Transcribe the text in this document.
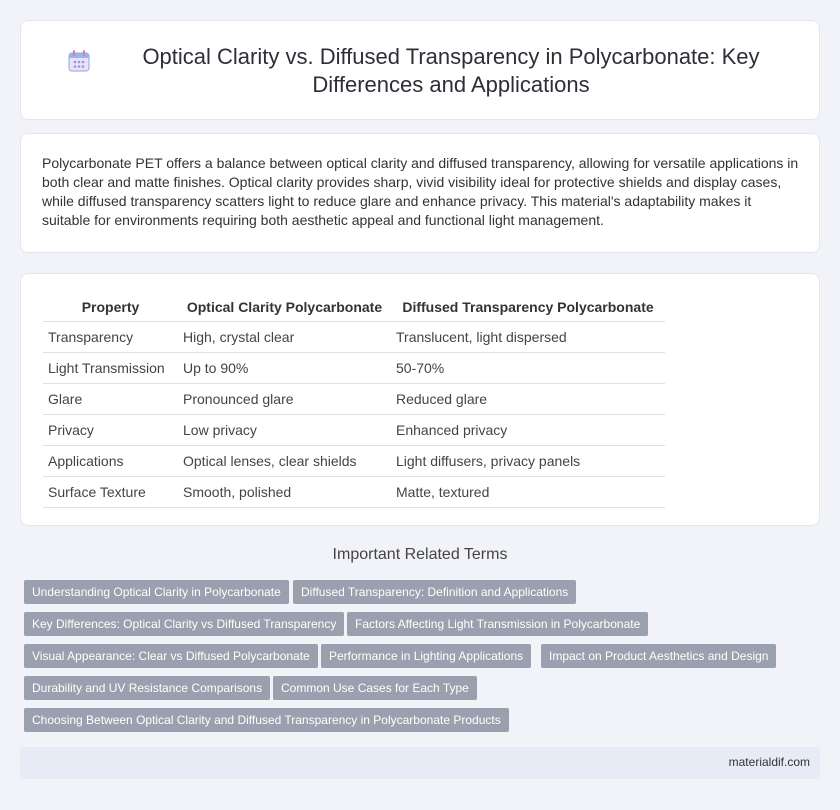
Optical Clarity vs. Diffused Transparency in Polycarbonate: Key Differences and Applications

Polycarbonate PET offers a balance between optical clarity and diffused transparency, allowing for versatile applications in both clear and matte finishes. Optical clarity provides sharp, vivid visibility ideal for protective shields and display cases, while diffused transparency scatters light to reduce glare and enhance privacy. This material's adaptability makes it suitable for environments requiring both aesthetic appeal and functional light management.

Property	Optical Clarity Polycarbonate	Diffused Transparency Polycarbonate
Transparency	High, crystal clear	Translucent, light dispersed
Light Transmission	Up to 90%	50-70%
Glare	Pronounced glare	Reduced glare
Privacy	Low privacy	Enhanced privacy
Applications	Optical lenses, clear shields	Light diffusers, privacy panels
Surface Texture	Smooth, polished	Matte, textured
Important Related Terms
Understanding Optical Clarity in Polycarbonate	Diffused Transparency: Definition and Applications
Key Differences: Optical Clarity vs Diffused Transparency	Factors Affecting Light Transmission in Polycarbonate
Visual Appearance: Clear vs Diffused Polycarbonate	Performance in Lighting Applications	Impact on Product Aesthetics and Design
Durability and UV Resistance Comparisons	Common Use Cases for Each Type
Choosing Between Optical Clarity and Diffused Transparency in Polycarbonate Products
materialdif.com
